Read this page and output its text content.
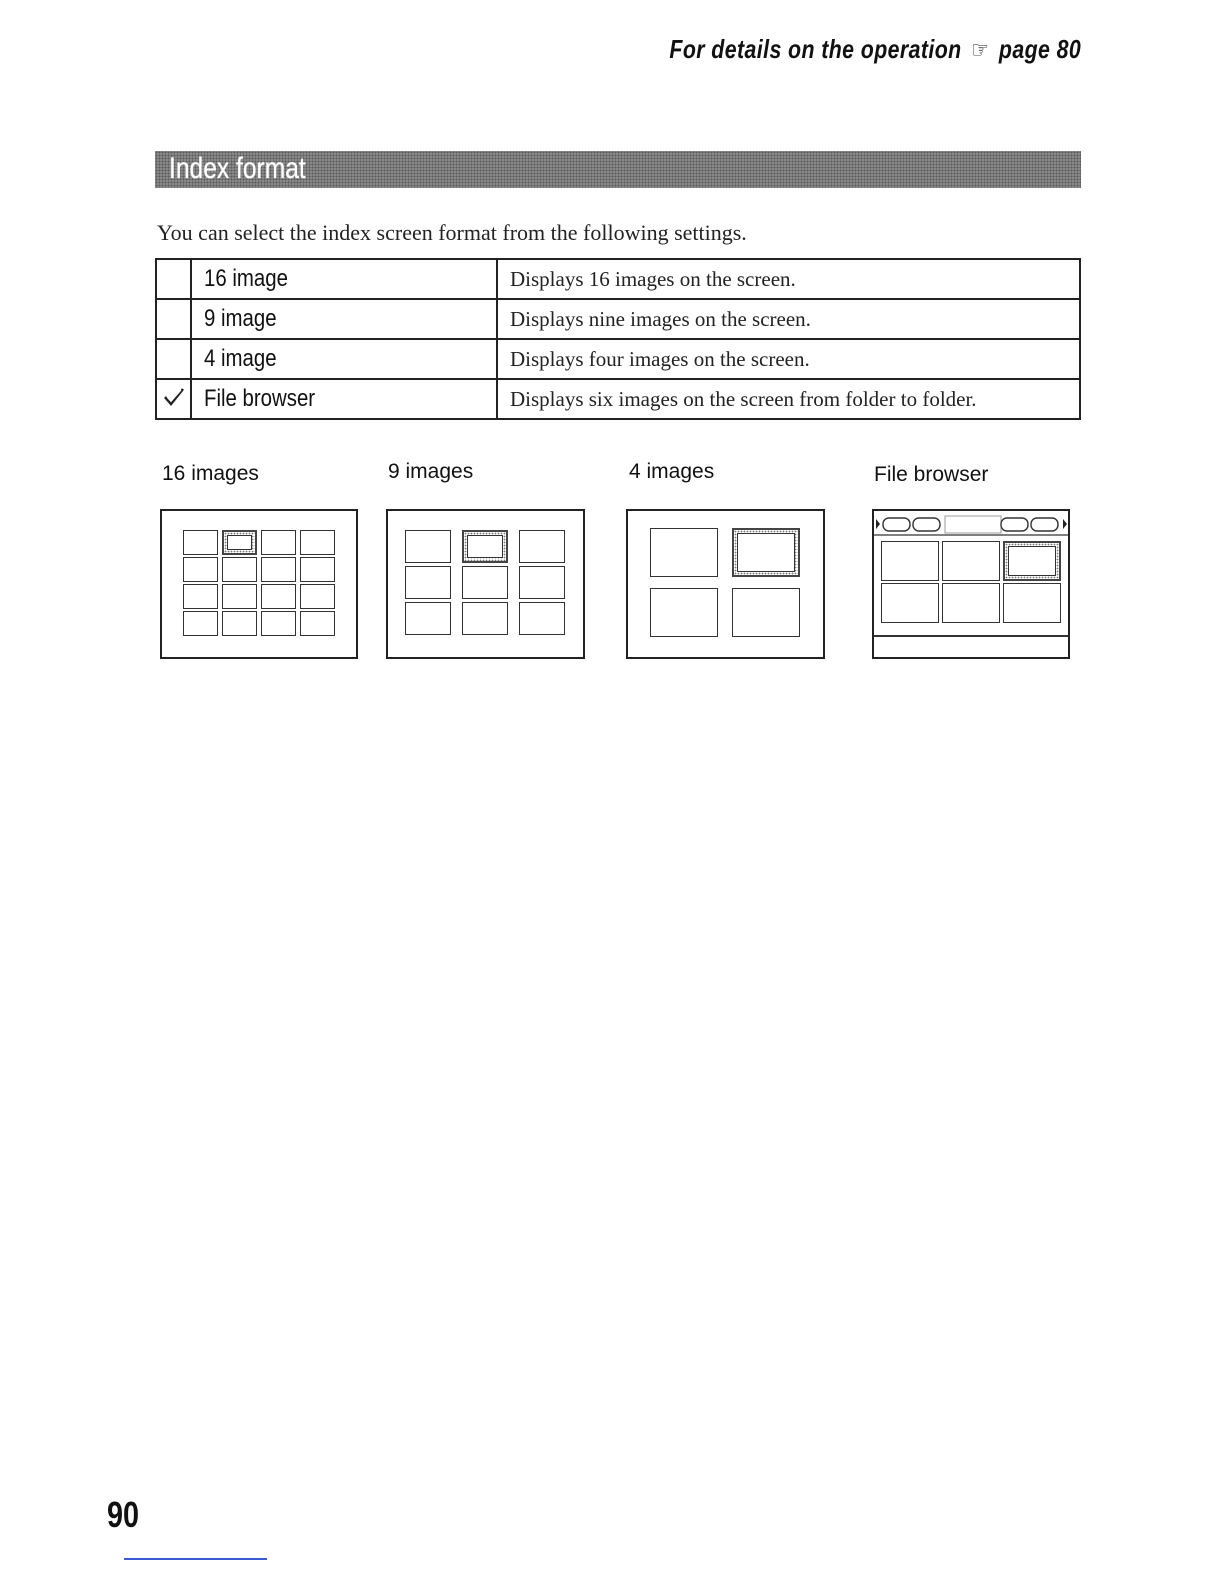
For details on the operation ☞ page 80
Index format
You can select the index screen format from the following settings.
	16 image	Displays 16 images on the screen.
	9 image	Displays nine images on the screen.
	4 image	Displays four images on the screen.
	File browser	Displays six images on the screen from folder to folder.
16 images	9 images	4 images	File browser
90
